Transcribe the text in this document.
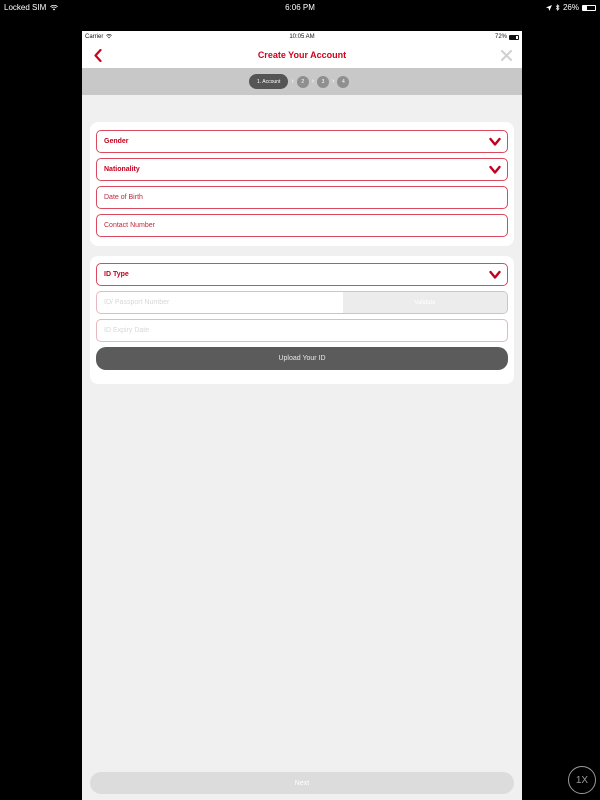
Locked SIM	6:06 PM	26%
Carrier	10:05 AM	72%
Create Your Account
1. Account	›	2	›	3	›	4
Gender
Nationality
Date of Birth
Contact Number
ID Type
ID/ Passport Number	Validate
ID Expiry Date
Upload Your ID
Next	1X
